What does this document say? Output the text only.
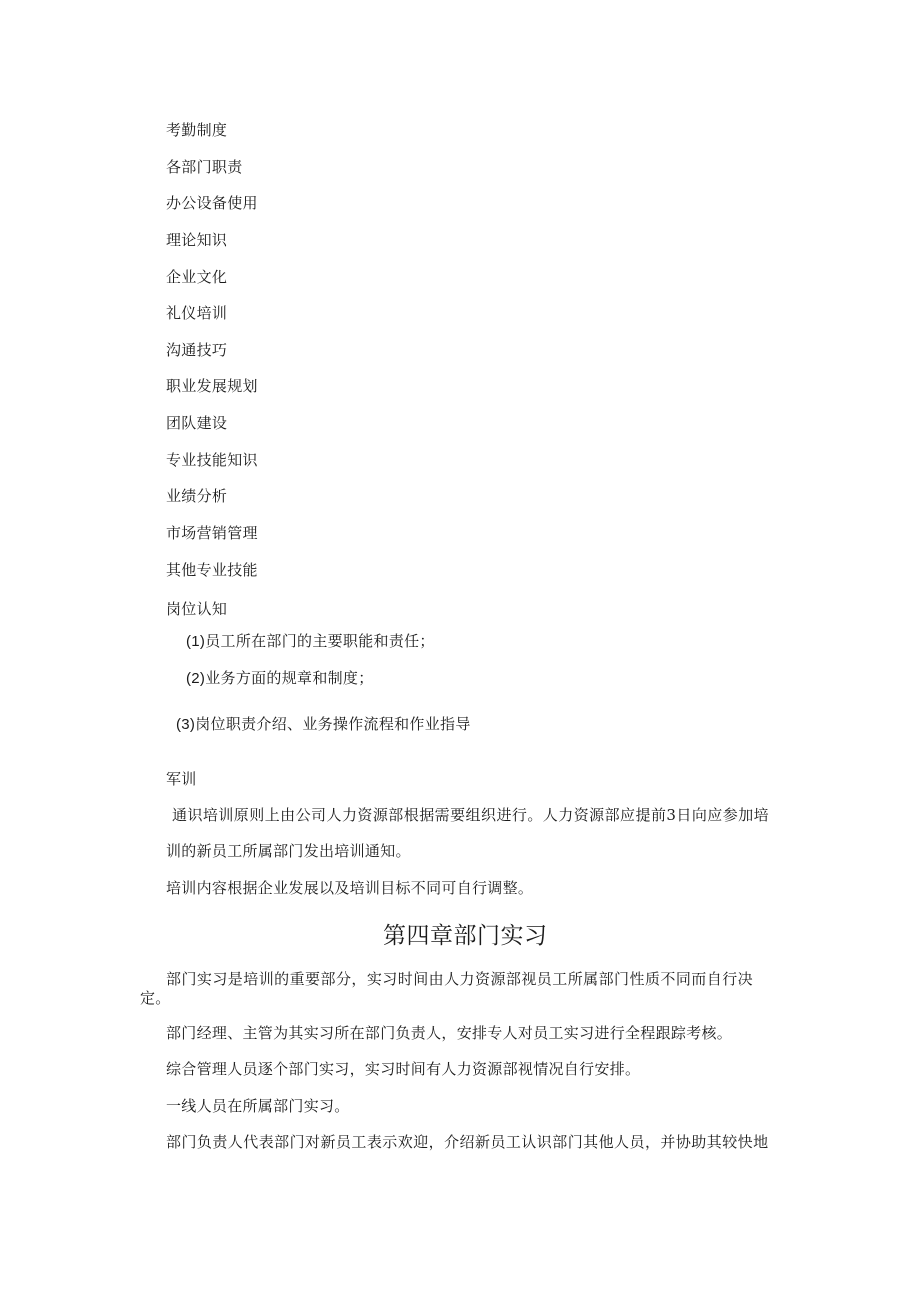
考勤制度
各部门职责
办公设备使用
理论知识
企业文化
礼仪培训
沟通技巧
职业发展规划
团队建设
专业技能知识
业绩分析
市场营销管理
其他专业技能
岗位认知
(1)员工所在部门的主要职能和责任；
(2)业务方面的规章和制度；
(3)岗位职责介绍、业务操作流程和作业指导
军训
通识培训原则上由公司人力资源部根据需要组织进行。人力资源部应提前3日向应参加培
训的新员工所属部门发出培训通知。
培训内容根据企业发展以及培训目标不同可自行调整。
第四章部门实习
部门实习是培训的重要部分，实习时间由人力资源部视员工所属部门性质不同而自行决
定。
部门经理、主管为其实习所在部门负责人，安排专人对员工实习进行全程跟踪考核。
综合管理人员逐个部门实习，实习时间有人力资源部视情况自行安排。
一线人员在所属部门实习。
部门负责人代表部门对新员工表示欢迎，介绍新员工认识部门其他人员，并协助其较快地
